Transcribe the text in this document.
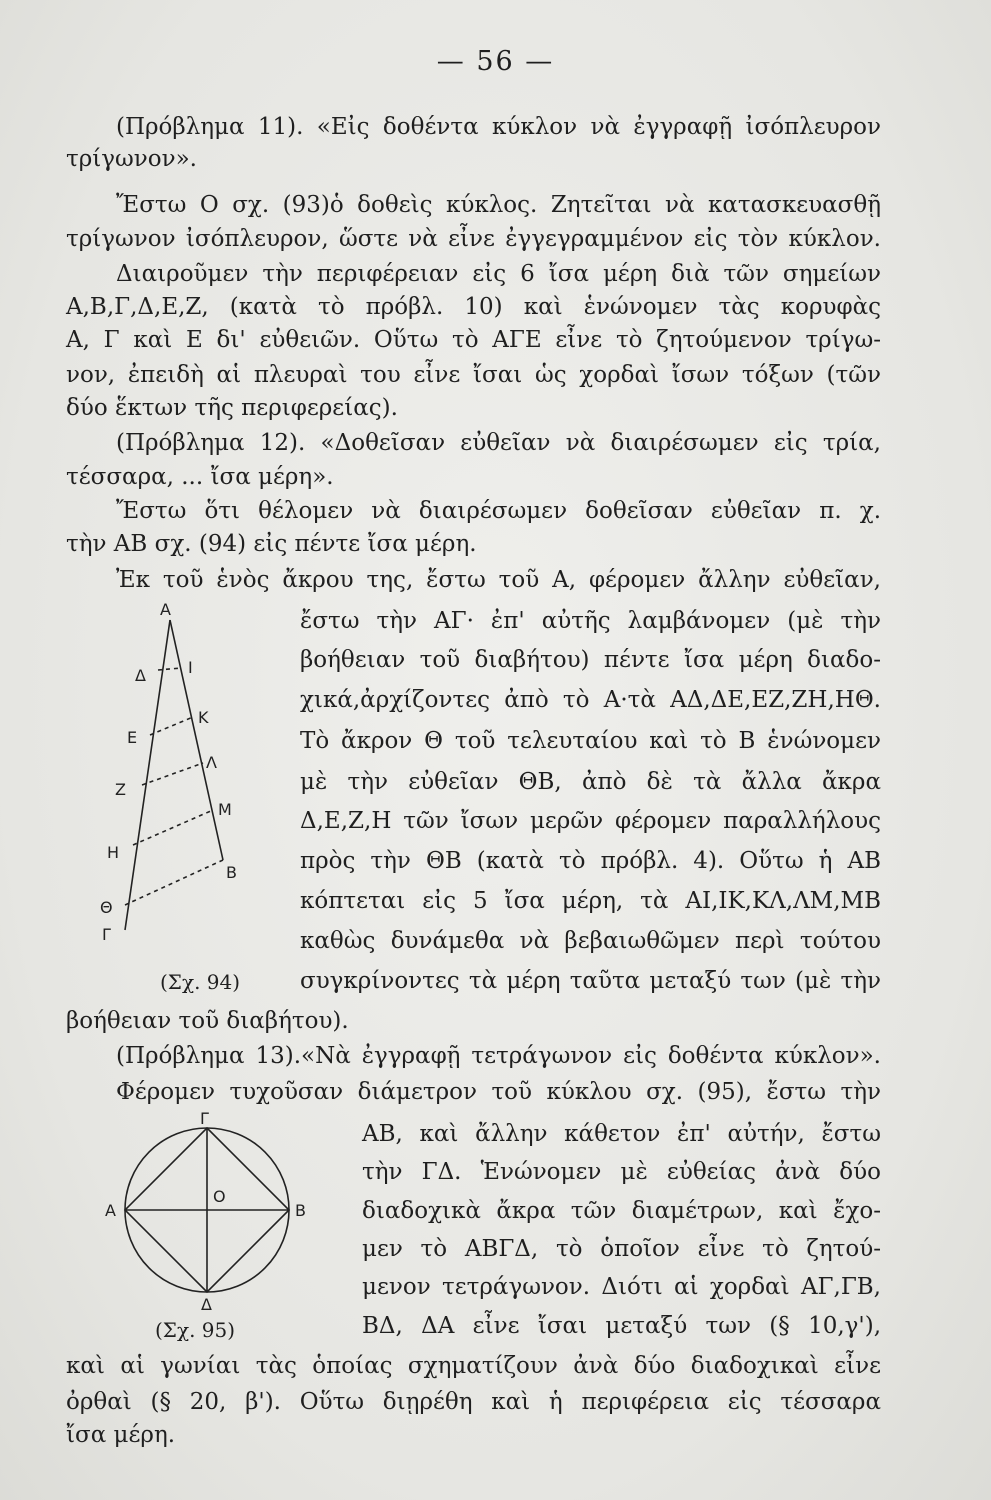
— 56 —
(Πρόβλημα 11). «Εἰς δοθέντα κύκλον νὰ ἐγγραφῇ ἰσόπλευρον
τρίγωνον».
Ἔστω Ο σχ. (93)ὁ δοθεὶς κύκλος. Ζητεῖται νὰ κατασκευασθῇ
τρίγωνον ἰσόπλευρον, ὥστε νὰ εἶνε ἐγγεγραμμένον εἰς τὸν κύκλον.
Διαιροῦμεν τὴν περιφέρειαν εἰς 6 ἴσα μέρη διὰ τῶν σημείων
Α,Β,Γ,Δ,Ε,Ζ, (κατὰ τὸ πρόβλ. 10) καὶ ἑνώνομεν τὰς κορυφὰς
Α, Γ καὶ Ε δι' εὐθειῶν. Οὕτω τὸ ΑΓΕ εἶνε τὸ ζητούμενον τρίγω-
νον, ἐπειδὴ αἱ πλευραὶ του εἶνε ἴσαι ὡς χορδαὶ ἴσων τόξων (τῶν
δύο ἕκτων τῆς περιφερείας).
(Πρόβλημα 12). «Δοθεῖσαν εὐθεῖαν νὰ διαιρέσωμεν εἰς τρία,
τέσσαρα, ... ἴσα μέρη».
Ἔστω ὅτι θέλομεν νὰ διαιρέσωμεν δοθεῖσαν εὐθεῖαν π. χ.
τὴν ΑΒ σχ. (94) εἰς πέντε ἴσα μέρη.
Ἐκ τοῦ ἑνὸς ἄκρου της, ἔστω τοῦ Α, φέρομεν ἄλλην εὐθεῖαν,
ἔστω τὴν ΑΓ· ἐπ' αὐτῆς λαμβάνομεν (μὲ τὴν
βοήθειαν τοῦ διαβήτου) πέντε ἴσα μέρη διαδο-
χικά,ἀρχίζοντες ἀπὸ τὸ Α·τὰ ΑΔ,ΔΕ,ΕΖ,ΖΗ,ΗΘ.
Τὸ ἄκρον Θ τοῦ τελευταίου καὶ τὸ Β ἑνώνομεν
μὲ τὴν εὐθεῖαν ΘΒ, ἀπὸ δὲ τὰ ἄλλα ἄκρα
Δ,Ε,Ζ,Η τῶν ἴσων μερῶν φέρομεν παραλλήλους
πρὸς τὴν ΘΒ (κατὰ τὸ πρόβλ. 4). Οὕτω ἡ ΑΒ
κόπτεται εἰς 5 ἴσα μέρη, τὰ ΑΙ,ΙΚ,ΚΛ,ΛΜ,ΜΒ
καθὼς δυνάμεθα νὰ βεβαιωθῶμεν περὶ τούτου
συγκρίνοντες τὰ μέρη ταῦτα μεταξύ των (μὲ τὴν
βοήθειαν τοῦ διαβήτου).
(Πρόβλημα 13).«Νὰ ἐγγραφῇ τετράγωνον εἰς δοθέντα κύκλον».
Φέρομεν τυχοῦσαν διάμετρον τοῦ κύκλου σχ. (95), ἔστω τὴν
ΑΒ, καὶ ἄλλην κάθετον ἐπ' αὐτήν, ἔστω
τὴν ΓΔ. Ἑνώνομεν μὲ εὐθείας ἀνὰ δύο
διαδοχικὰ ἄκρα τῶν διαμέτρων, καὶ ἔχο-
μεν τὸ ΑΒΓΔ, τὸ ὁποῖον εἶνε τὸ ζητού-
μενον τετράγωνον. Διότι αἱ χορδαὶ ΑΓ,ΓΒ,
ΒΔ, ΔΑ εἶνε ἴσαι μεταξύ των (§ 10,γ'),
καὶ αἱ γωνίαι τὰς ὁποίας σχηματίζουν ἀνὰ δύο διαδοχικαὶ εἶνε
ὀρθαὶ (§ 20, β'). Οὕτω διῃρέθη καὶ ἡ περιφέρεια εἰς τέσσαρα
ἴσα μέρη.
Α
Δ
Ε
Ζ
Η
Θ
Γ
Ι
Κ
Λ
Μ
Β
(Σχ. 94)
Γ
Ο
Α	Β
Δ
(Σχ. 95)
